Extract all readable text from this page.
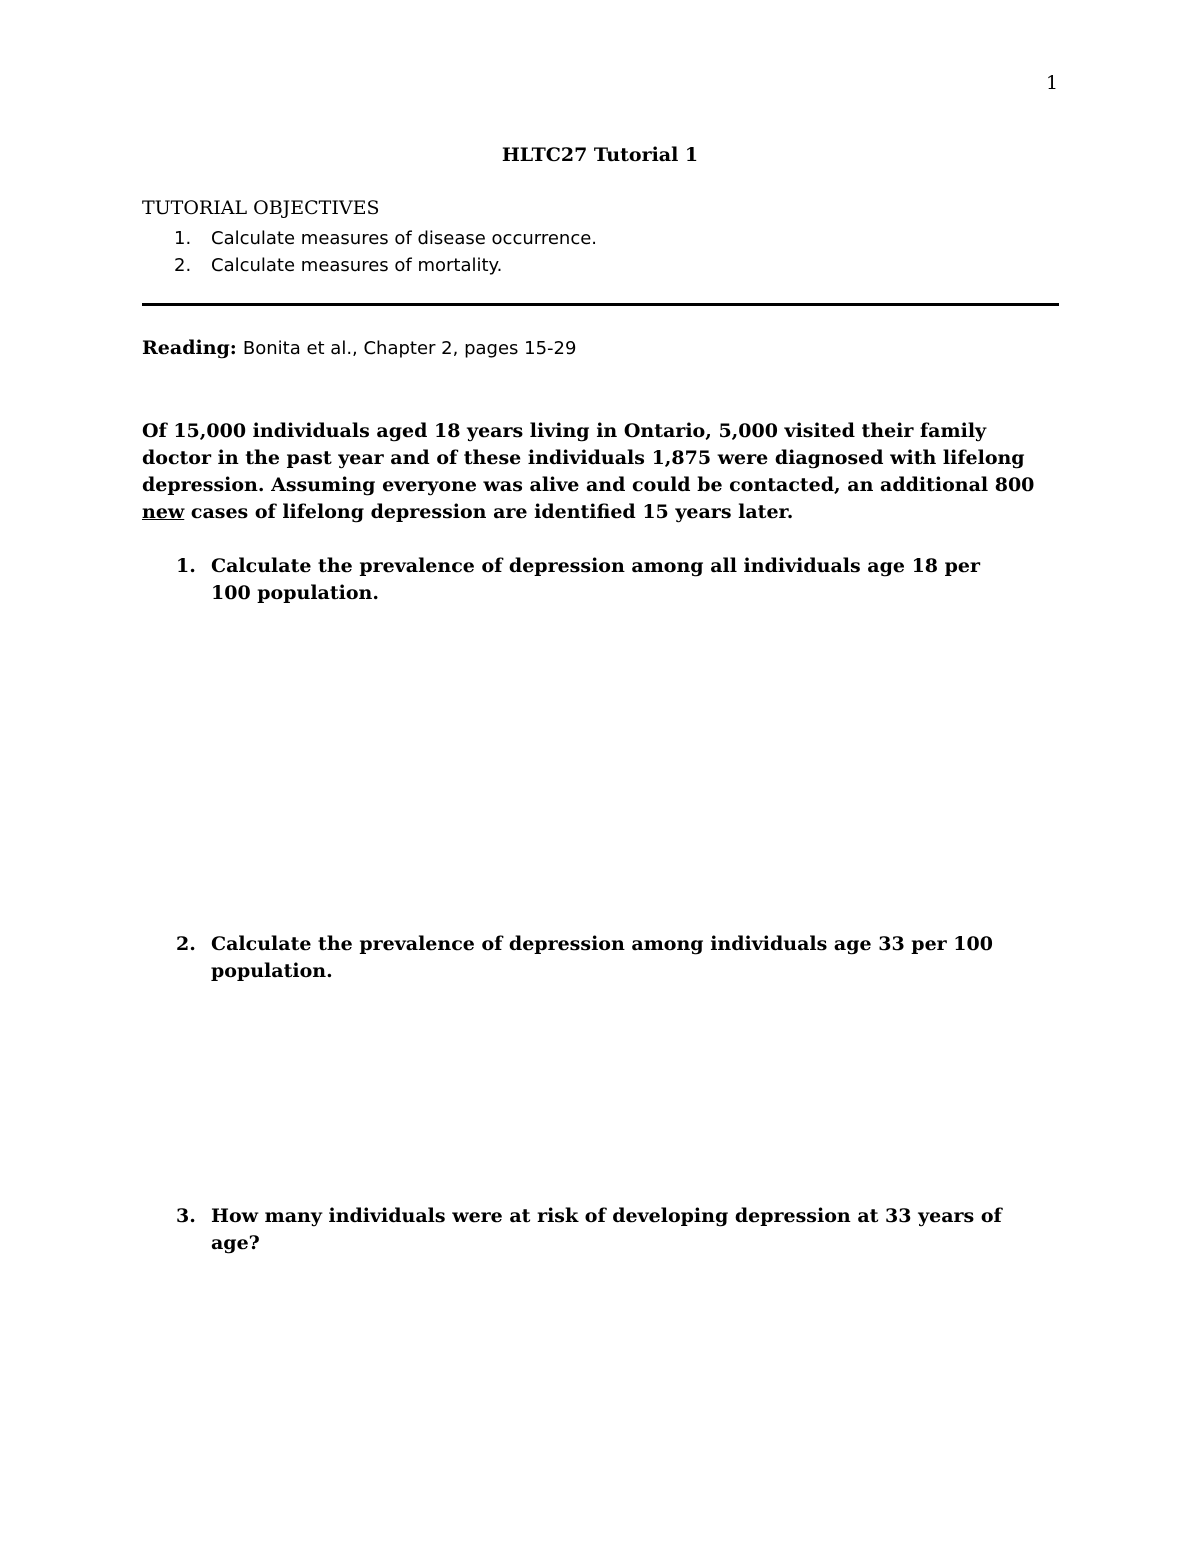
1
HLTC27 Tutorial 1
TUTORIAL OBJECTIVES
1. Calculate measures of disease occurrence.
2. Calculate measures of mortality.
Reading: Bonita et al., Chapter 2, pages 15-29
Of 15,000 individuals aged 18 years living in Ontario, 5,000 visited their family doctor in the past year and of these individuals 1,875 were diagnosed with lifelong depression. Assuming everyone was alive and could be contacted, an additional 800 new cases of lifelong depression are identified 15 years later.
1. Calculate the prevalence of depression among all individuals age 18 per 100 population.
2. Calculate the prevalence of depression among individuals age 33 per 100 population.
3. How many individuals were at risk of developing depression at 33 years of age?
